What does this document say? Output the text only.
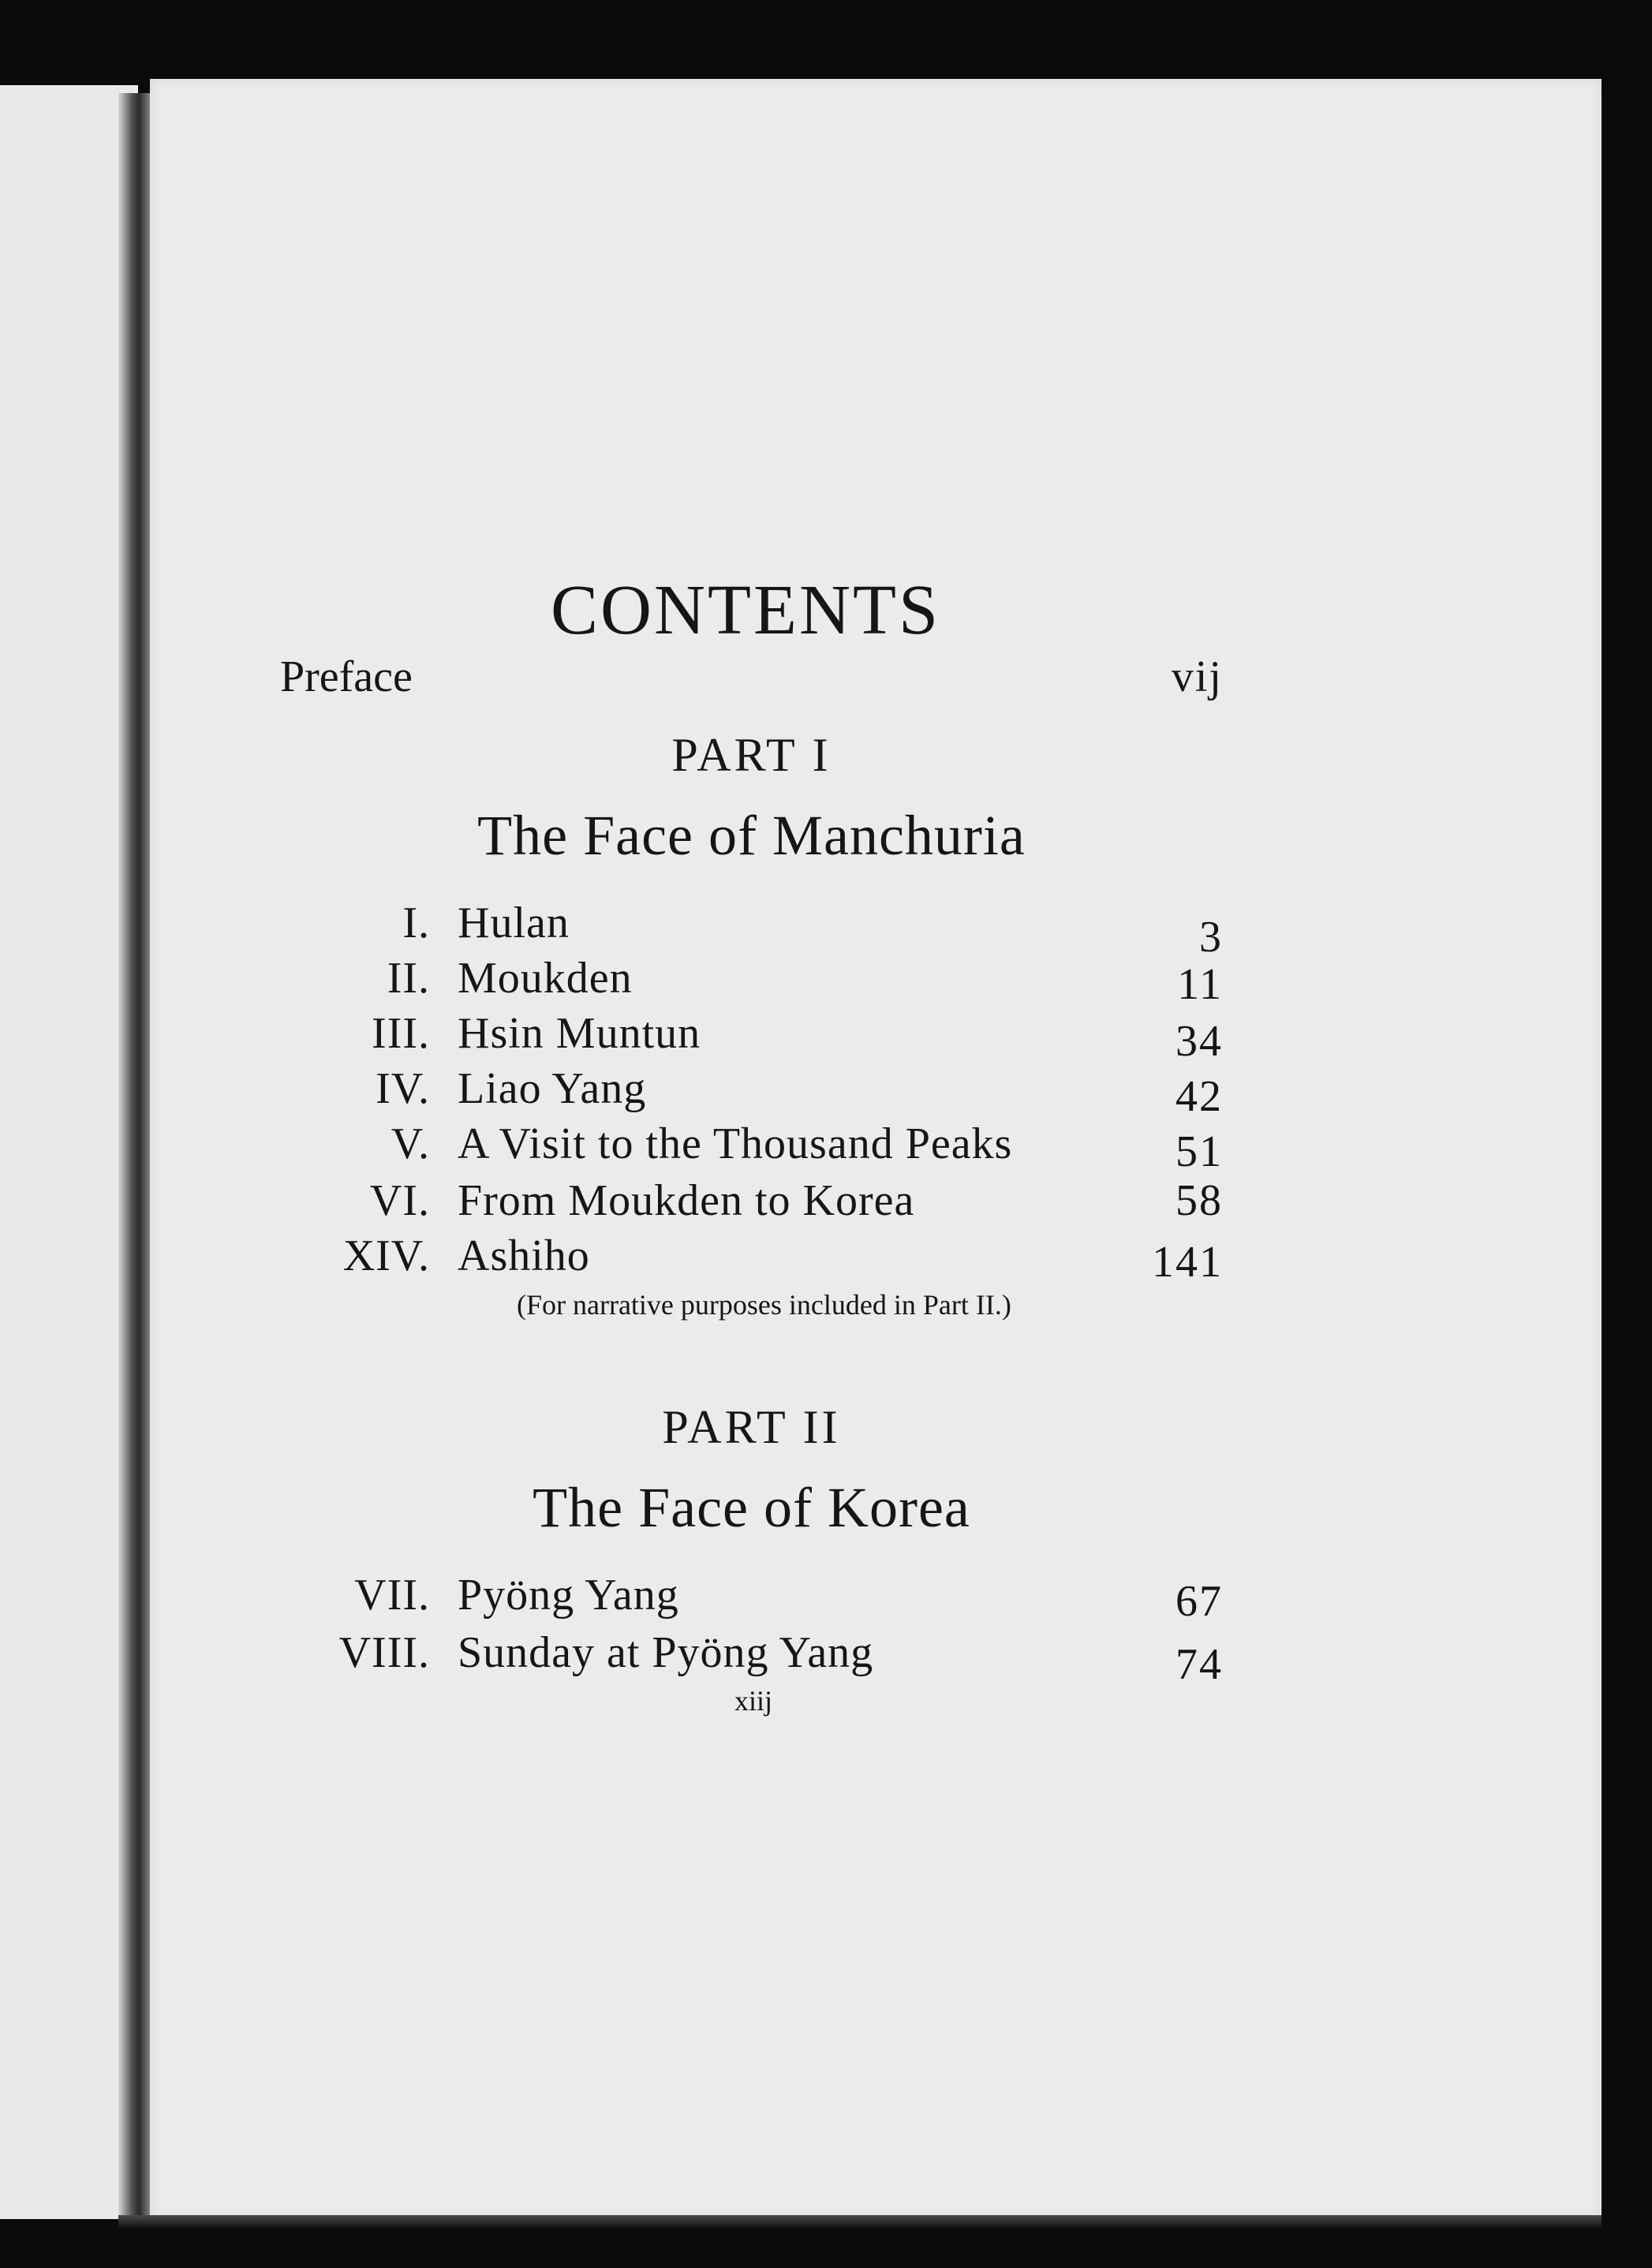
CONTENTS
Preface	vij
PART I
The Face of Manchuria
I. Hulan	3
II. Moukden	11
III. Hsin Muntun	34
IV. Liao Yang	42
V. A Visit to the Thousand Peaks	51
VI. From Moukden to Korea	58
XIV. Ashiho	141
(For narrative purposes included in Part II.)
PART II
The Face of Korea
VII. Pyöng Yang	67
VIII. Sunday at Pyöng Yang	74
xiij
